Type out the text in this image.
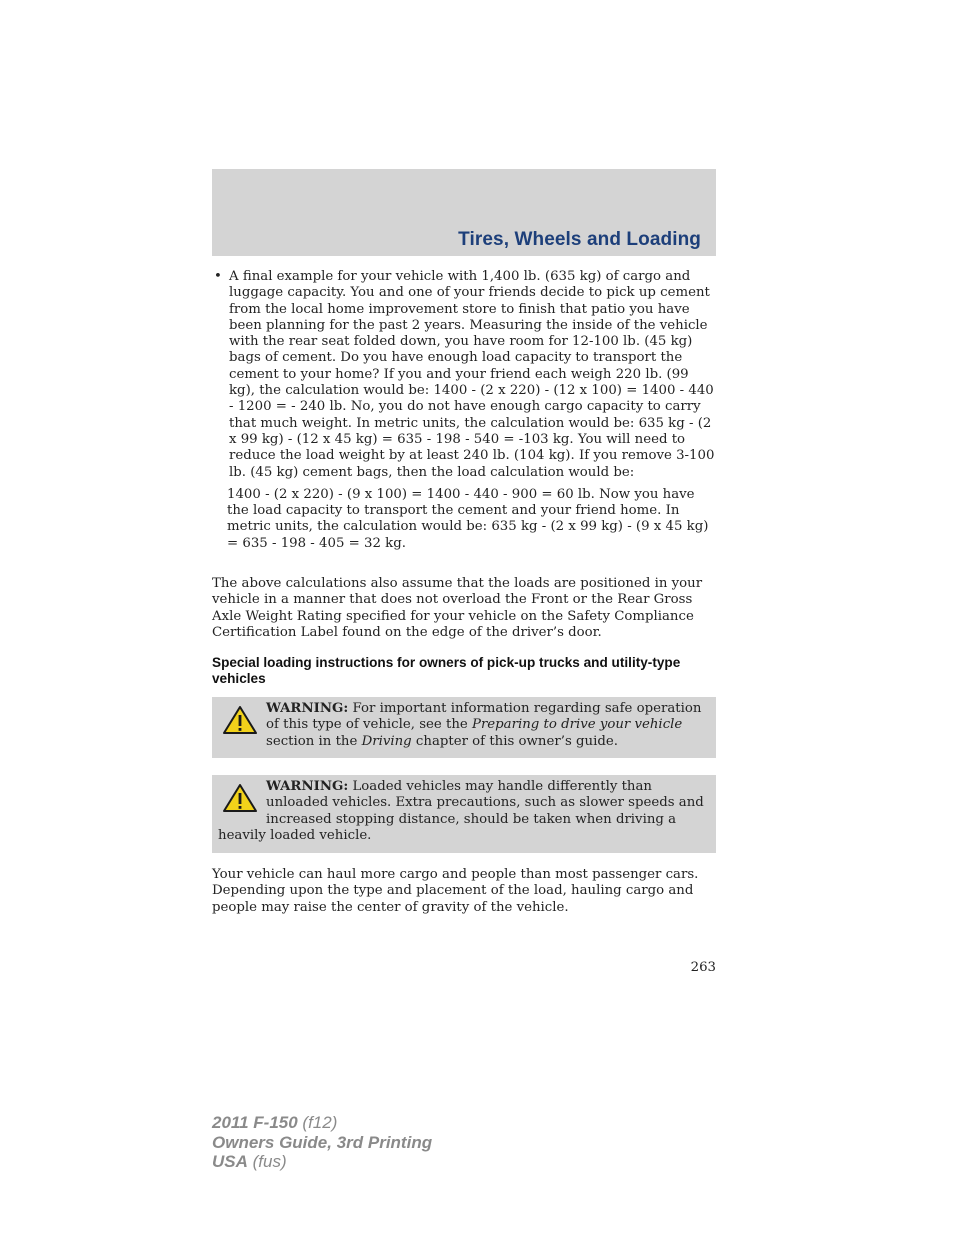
Tires, Wheels and Loading
• A final example for your vehicle with 1,400 lb. (635 kg) of cargo and luggage capacity. You and one of your friends decide to pick up cement from the local home improvement store to finish that patio you have been planning for the past 2 years. Measuring the inside of the vehicle with the rear seat folded down, you have room for 12-100 lb. (45 kg) bags of cement. Do you have enough load capacity to transport the cement to your home? If you and your friend each weigh 220 lb. (99 kg), the calculation would be: 1400 - (2 x 220) - (12 x 100) = 1400 - 440 - 1200 = - 240 lb. No, you do not have enough cargo capacity to carry that much weight. In metric units, the calculation would be: 635 kg - (2 x 99 kg) - (12 x 45 kg) = 635 - 198 - 540 = -103 kg. You will need to reduce the load weight by at least 240 lb. (104 kg). If you remove 3-100 lb. (45 kg) cement bags, then the load calculation would be:
1400 - (2 x 220) - (9 x 100) = 1400 - 440 - 900 = 60 lb. Now you have the load capacity to transport the cement and your friend home. In metric units, the calculation would be: 635 kg - (2 x 99 kg) - (9 x 45 kg) = 635 - 198 - 405 = 32 kg.
The above calculations also assume that the loads are positioned in your vehicle in a manner that does not overload the Front or the Rear Gross Axle Weight Rating specified for your vehicle on the Safety Compliance Certification Label found on the edge of the driver’s door.
Special loading instructions for owners of pick-up trucks and utility-type vehicles
WARNING: For important information regarding safe operation of this type of vehicle, see the Preparing to drive your vehicle section in the Driving chapter of this owner’s guide.
WARNING: Loaded vehicles may handle differently than unloaded vehicles. Extra precautions, such as slower speeds and increased stopping distance, should be taken when driving a heavily loaded vehicle.
Your vehicle can haul more cargo and people than most passenger cars. Depending upon the type and placement of the load, hauling cargo and people may raise the center of gravity of the vehicle.
263
2011 F-150 (f12)
Owners Guide, 3rd Printing
USA (fus)
